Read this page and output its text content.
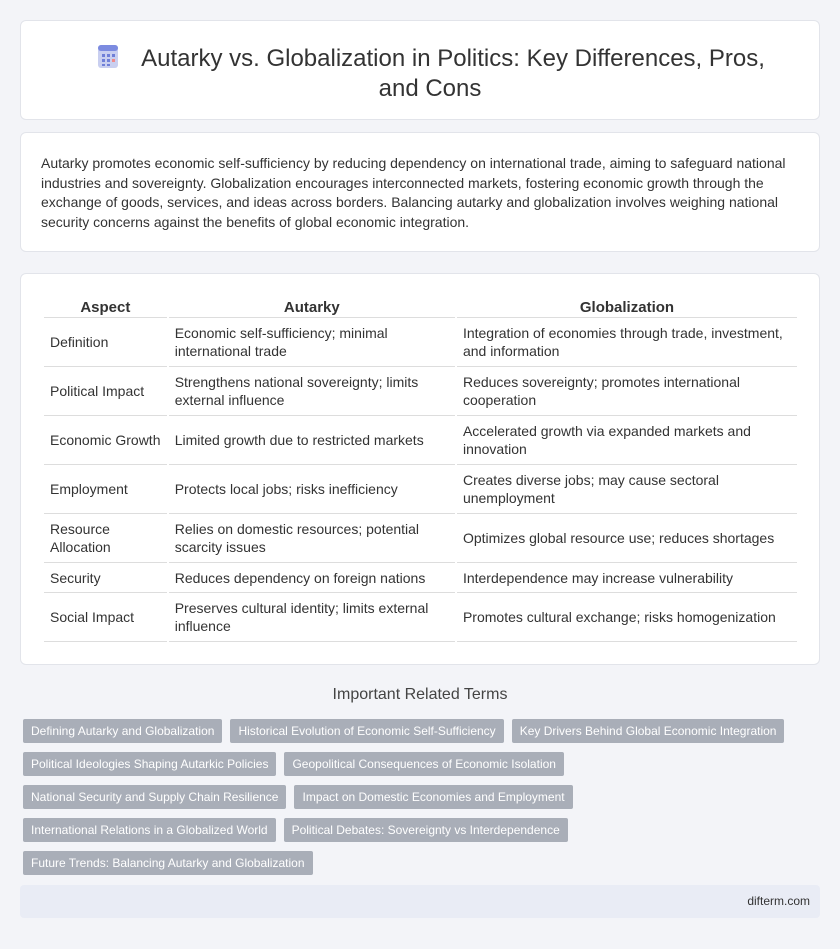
Autarky vs. Globalization in Politics: Key Differences, Pros, and Cons

Autarky promotes economic self-sufficiency by reducing dependency on international trade, aiming to safeguard national industries and sovereignty. Globalization encourages interconnected markets, fostering economic growth through the exchange of goods, services, and ideas across borders. Balancing autarky and globalization involves weighing national security concerns against the benefits of global economic integration.

Aspect	Autarky	Globalization
Definition	Economic self-sufficiency; minimal international trade	Integration of economies through trade, investment, and information
Political Impact	Strengthens national sovereignty; limits external influence	Reduces sovereignty; promotes international cooperation
Economic Growth	Limited growth due to restricted markets	Accelerated growth via expanded markets and innovation
Employment	Protects local jobs; risks inefficiency	Creates diverse jobs; may cause sectoral unemployment
Resource Allocation	Relies on domestic resources; potential scarcity issues	Optimizes global resource use; reduces shortages
Security	Reduces dependency on foreign nations	Interdependence may increase vulnerability
Social Impact	Preserves cultural identity; limits external influence	Promotes cultural exchange; risks homogenization
Important Related Terms
Defining Autarky and Globalization	Historical Evolution of Economic Self-Sufficiency	Key Drivers Behind Global Economic Integration
Political Ideologies Shaping Autarkic Policies	Geopolitical Consequences of Economic Isolation
National Security and Supply Chain Resilience	Impact on Domestic Economies and Employment
International Relations in a Globalized World	Political Debates: Sovereignty vs Interdependence
Future Trends: Balancing Autarky and Globalization
difterm.com
